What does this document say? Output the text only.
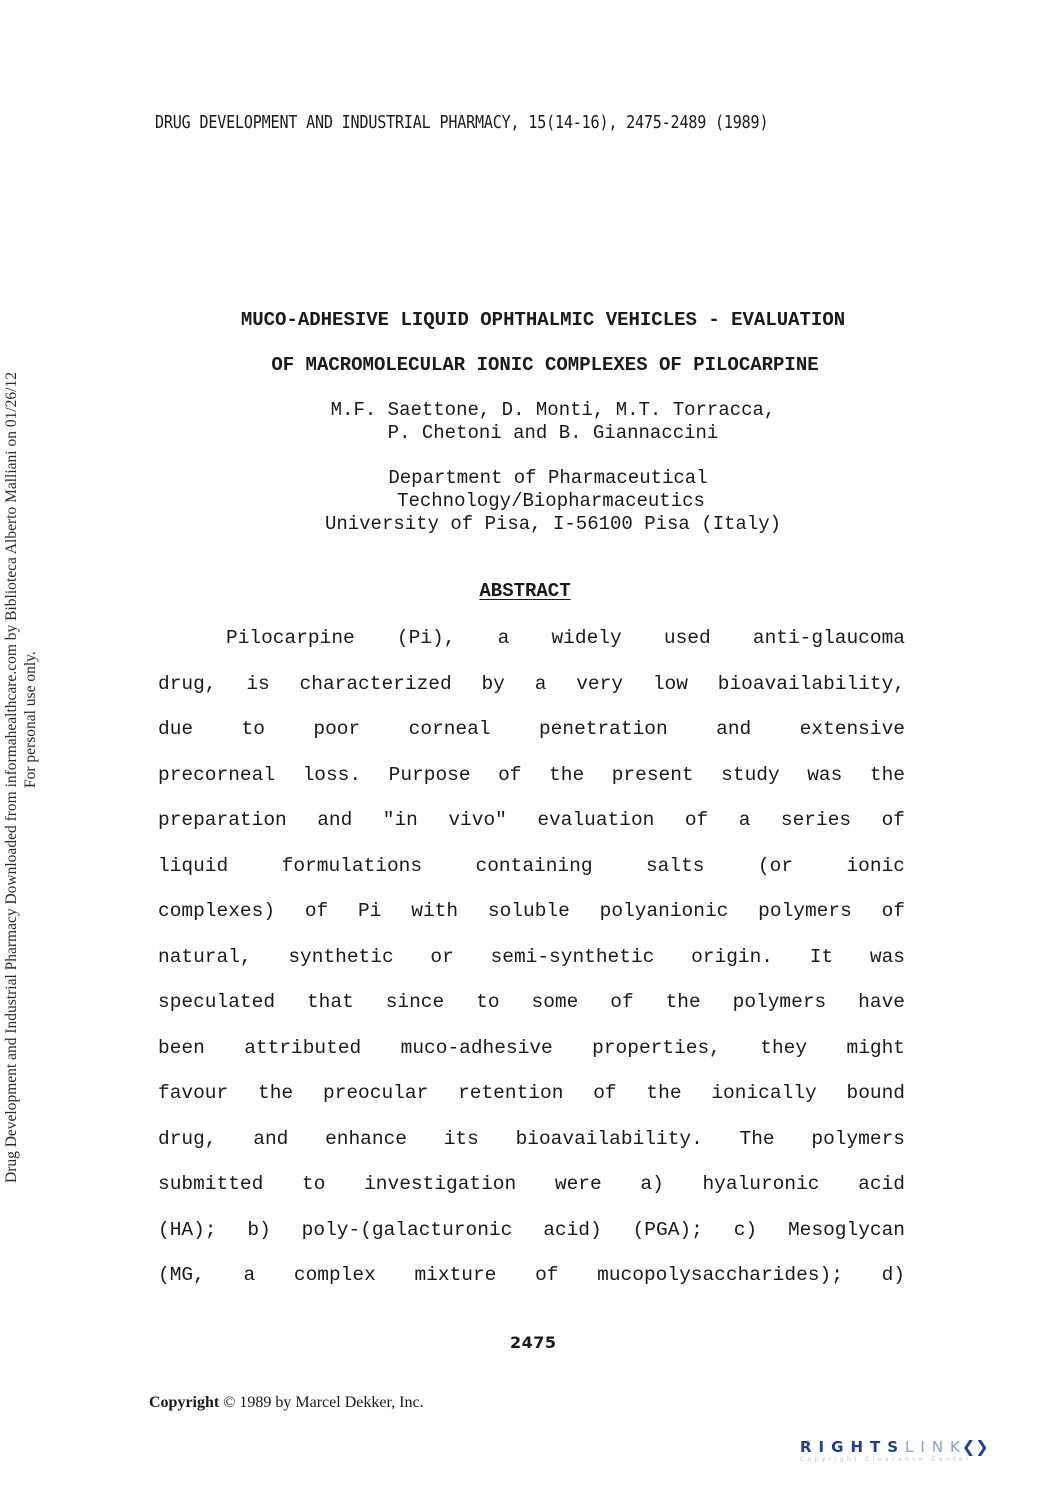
Drug Development and Industrial Pharmacy Downloaded from informahealthcare.com by Biblioteca Alberto Malliani on 01/26/12 For personal use only.
DRUG DEVELOPMENT AND INDUSTRIAL PHARMACY, 15(14-16), 2475-2489 (1989)
MUCO-ADHESIVE LIQUID OPHTHALMIC VEHICLES - EVALUATION
OF MACROMOLECULAR IONIC COMPLEXES OF PILOCARPINE
M.F. Saettone, D. Monti, M.T. Torracca,
P. Chetoni and B. Giannaccini
Department of Pharmaceutical
Technology/Biopharmaceutics
University of Pisa, I-56100 Pisa (Italy)
ABSTRACT
Pilocarpine (Pi), a widely used anti-glaucoma
drug, is characterized by a very low bioavailability,
due to poor corneal penetration and extensive
precorneal loss. Purpose of the present study was the
preparation and "in vivo" evaluation of a series of
liquid formulations containing salts (or ionic
complexes) of Pi with soluble polyanionic polymers of
natural, synthetic or semi-synthetic origin. It was
speculated that since to some of the polymers have
been attributed muco-adhesive properties, they might
favour the preocular retention of the ionically bound
drug, and enhance its bioavailability. The polymers
submitted to investigation were a) hyaluronic acid
(HA); b) poly-(galacturonic acid) (PGA); c) Mesoglycan
(MG, a complex mixture of mucopolysaccharides); d)
2475
Copyright © 1989 by Marcel Dekker, Inc.
RIGHTSLINK❮❯
Copyright Clearance Center
